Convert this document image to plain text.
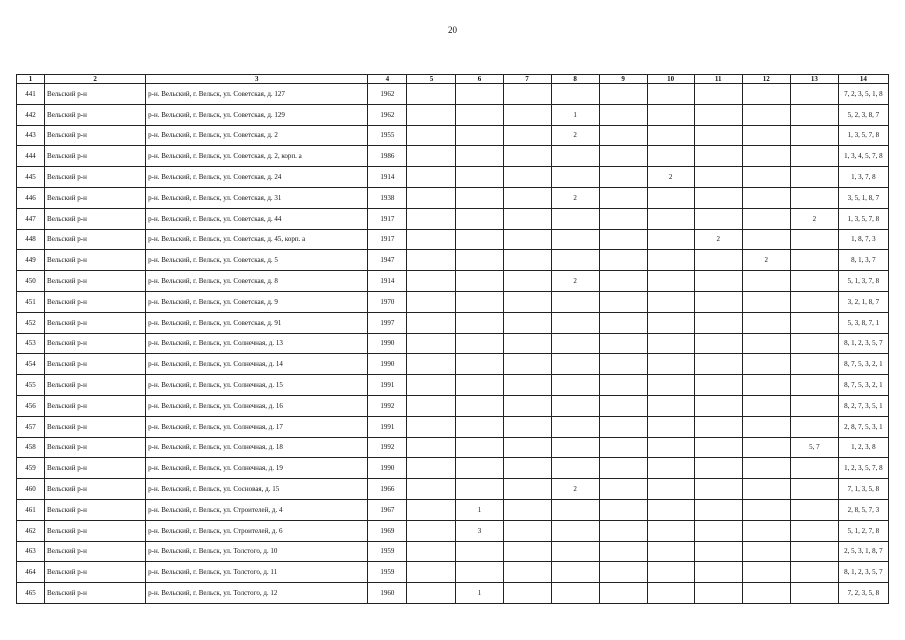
20
1	2	3	4	5	6	7	8	9	10	11	12	13	14
441	Вельский р-н	р-н. Вельский, г. Вельск, ул. Советская, д. 127	1962										7, 2, 3, 5, 1, 8
442	Вельский р-н	р-н. Вельский, г. Вельск, ул. Советская, д. 129	1962				1						5, 2, 3, 8, 7
443	Вельский р-н	р-н. Вельский, г. Вельск, ул. Советская, д. 2	1955				2						1, 3, 5, 7, 8
444	Вельский р-н	р-н. Вельский, г. Вельск, ул. Советская, д. 2, корп. а	1986										1, 3, 4, 5, 7, 8
445	Вельский р-н	р-н. Вельский, г. Вельск, ул. Советская, д. 24	1914						2				1, 3, 7, 8
446	Вельский р-н	р-н. Вельский, г. Вельск, ул. Советская, д. 31	1938				2						3, 5, 1, 8, 7
447	Вельский р-н	р-н. Вельский, г. Вельск, ул. Советская, д. 44	1917									2	1, 3, 5, 7, 8
448	Вельский р-н	р-н. Вельский, г. Вельск, ул. Советская, д. 45, корп. а	1917							2			1, 8, 7, 3
449	Вельский р-н	р-н. Вельский, г. Вельск, ул. Советская, д. 5	1947								2		8, 1, 3, 7
450	Вельский р-н	р-н. Вельский, г. Вельск, ул. Советская, д. 8	1914				2						5, 1, 3, 7, 8
451	Вельский р-н	р-н. Вельский, г. Вельск, ул. Советская, д. 9	1970										3, 2, 1, 8, 7
452	Вельский р-н	р-н. Вельский, г. Вельск, ул. Советская, д. 91	1997										5, 3, 8, 7, 1
453	Вельский р-н	р-н. Вельский, г. Вельск, ул. Солнечная, д. 13	1990										8, 1, 2, 3, 5, 7
454	Вельский р-н	р-н. Вельский, г. Вельск, ул. Солнечная, д. 14	1990										8, 7, 5, 3, 2, 1
455	Вельский р-н	р-н. Вельский, г. Вельск, ул. Солнечная, д. 15	1991										8, 7, 5, 3, 2, 1
456	Вельский р-н	р-н. Вельский, г. Вельск, ул. Солнечная, д. 16	1992										8, 2, 7, 3, 5, 1
457	Вельский р-н	р-н. Вельский, г. Вельск, ул. Солнечная, д. 17	1991										2, 8, 7, 5, 3, 1
458	Вельский р-н	р-н. Вельский, г. Вельск, ул. Солнечная, д. 18	1992									5, 7	1, 2, 3, 8
459	Вельский р-н	р-н. Вельский, г. Вельск, ул. Солнечная, д. 19	1990										1, 2, 3, 5, 7, 8
460	Вельский р-н	р-н. Вельский, г. Вельск, ул. Сосновая, д. 15	1966				2						7, 1, 3, 5, 8
461	Вельский р-н	р-н. Вельский, г. Вельск, ул. Строителей, д. 4	1967		1								2, 8, 5, 7, 3
462	Вельский р-н	р-н. Вельский, г. Вельск, ул. Строителей, д. 6	1969		3								5, 1, 2, 7, 8
463	Вельский р-н	р-н. Вельский, г. Вельск, ул. Толстого, д. 10	1959										2, 5, 3, 1, 8, 7
464	Вельский р-н	р-н. Вельский, г. Вельск, ул. Толстого, д. 11	1959										8, 1, 2, 3, 5, 7
465	Вельский р-н	р-н. Вельский, г. Вельск, ул. Толстого, д. 12	1960		1								7, 2, 3, 5, 8
